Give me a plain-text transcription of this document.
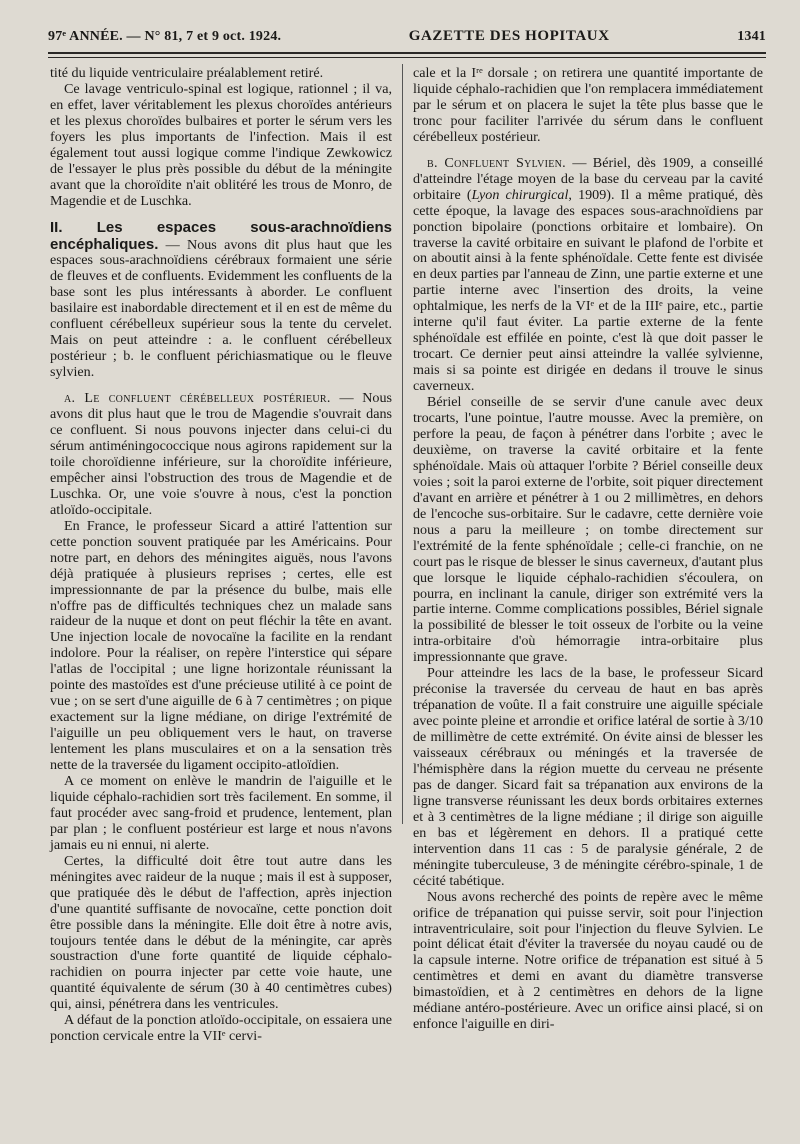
97ᵉ ANNÉE. — N° 81, 7 et 9 oct. 1924.	GAZETTE DES HOPITAUX	1341

tité du liquide ventriculaire préalablement retiré.

Ce lavage ventriculo-spinal est logique, rationnel ; il va, en effet, laver véritablement les plexus choroïdes antérieurs et les plexus choroïdes bulbaires et porter le sérum vers les foyers les plus importants de l'infection. Mais il est également tout aussi logique comme l'indique Zewkowicz de l'essayer le plus près possible du début de la méningite avant que la choroïdite n'ait oblitéré les trous de Monro, de Magendie et de Luschka.

II. Les espaces sous-arachnoïdiens encéphaliques. — Nous avons dit plus haut que les espaces sous-arachnoïdiens cérébraux formaient une série de fleuves et de confluents. Evidemment les confluents de la base sont les plus intéressants à aborder. Le confluent basilaire est inabordable directement et il en est de même du confluent cérébelleux supérieur sous la tente du cervelet. Mais on peut atteindre : a. le confluent cérébelleux postérieur ; b. le confluent périchiasmatique ou le fleuve sylvien.

a. Le confluent cérébelleux postérieur. — Nous avons dit plus haut que le trou de Magendie s'ouvrait dans ce confluent. Si nous pouvons injecter dans celui-ci du sérum antiméningococcique nous agirons rapidement sur la toile choroïdienne inférieure, sur la choroïdite inférieure, empêcher ainsi l'obstruction des trous de Magendie et de Luschka. Or, une voie s'ouvre à nous, c'est la ponction atloïdo-occipitale.

En France, le professeur Sicard a attiré l'attention sur cette ponction souvent pratiquée par les Américains. Pour notre part, en dehors des méningites aiguës, nous l'avons déjà pratiquée à plusieurs reprises ; certes, elle est impressionnante de par la présence du bulbe, mais elle n'offre pas de difficultés techniques chez un malade sans raideur de la nuque et dont on peut fléchir la tête en avant. Une injection locale de novocaïne la facilite en la rendant indolore. Pour la réaliser, on repère l'interstice qui sépare l'atlas de l'occipital ; une ligne horizontale réunissant la pointe des mastoïdes est d'une précieuse utilité à ce point de vue ; on se sert d'une aiguille de 6 à 7 centimètres ; on pique exactement sur la ligne médiane, on dirige l'extrémité de l'aiguille un peu obliquement vers le haut, on traverse lentement les plans musculaires et on a la sensation très nette de la traversée du ligament occipito-atloïdien.

A ce moment on enlève le mandrin de l'aiguille et le liquide céphalo-rachidien sort très facilement. En somme, il faut procéder avec sang-froid et prudence, lentement, plan par plan ; le confluent postérieur est large et nous n'avons jamais eu ni ennui, ni alerte.

Certes, la difficulté doit être tout autre dans les méningites avec raideur de la nuque ; mais il est à supposer, que pratiquée dès le début de l'affection, après injection d'une quantité suffisante de novocaïne, cette ponction doit être possible dans la méningite. Elle doit être à notre avis, toujours tentée dans le début de la méningite, car après soustraction d'une forte quantité de liquide céphalo-rachidien on pourra injecter par cette voie haute, une quantité équivalente de sérum (30 à 40 centimètres cubes) qui, ainsi, pénétrera dans les ventricules.

A défaut de la ponction atloïdo-occipitale, on essaiera une ponction cervicale entre la VIIᵉ cervi-

cale et la Iʳᵉ dorsale ; on retirera une quantité importante de liquide céphalo-rachidien que l'on remplacera immédiatement par le sérum et on placera le sujet la tête plus basse que le tronc pour faciliter l'arrivée du sérum dans le confluent cérébelleux postérieur.

b. Confluent Sylvien. — Bériel, dès 1909, a conseillé d'atteindre l'étage moyen de la base du cerveau par la cavité orbitaire (Lyon chirurgical, 1909). Il a même pratiqué, dès cette époque, la lavage des espaces sous-arachnoïdiens par ponction bipolaire (ponctions orbitaire et lombaire). On traverse la cavité orbitaire en suivant le plafond de l'orbite et on aboutit ainsi à la fente sphénoïdale. Cette fente est divisée en deux parties par l'anneau de Zinn, une partie externe et une partie interne avec l'insertion des droits, la veine ophtalmique, les nerfs de la VIᵉ et de la IIIᵉ paire, etc., partie interne qu'il faut éviter. La partie externe de la fente sphénoïdale est effilée en pointe, c'est là que doit passer le trocart. Ce dernier peut ainsi atteindre la vallée sylvienne, mais si sa pointe est dirigée en dedans il trouve le sinus caverneux.

Bériel conseille de se servir d'une canule avec deux trocarts, l'une pointue, l'autre mousse. Avec la première, on perfore la peau, de façon à pénétrer dans l'orbite ; avec le deuxième, on traverse la cavité orbitaire et la fente sphénoïdale. Mais où attaquer l'orbite ? Bériel conseille deux voies ; soit la paroi externe de l'orbite, soit piquer directement d'avant en arrière et pénétrer à 1 ou 2 millimètres, en dehors de l'encoche sus-orbitaire. Sur le cadavre, cette dernière voie nous a paru la meilleure ; on tombe directement sur l'extrémité de la fente sphénoïdale ; celle-ci franchie, on ne court pas le risque de blesser le sinus caverneux, d'autant plus que lorsque le liquide céphalo-rachidien s'écoulera, on pourra, en inclinant la canule, diriger son extrémité vers la partie interne. Comme complications possibles, Bériel signale la possibilité de blesser le toit osseux de l'orbite ou la veine intra-orbitaire d'où hémorragie intra-orbitaire plus impressionnante que grave.

Pour atteindre les lacs de la base, le professeur Sicard préconise la traversée du cerveau de haut en bas après trépanation de voûte. Il a fait construire une aiguille spéciale avec pointe pleine et arrondie et orifice latéral de sortie à 3/10 de millimètre de cette extrémité. On évite ainsi de blesser les vaisseaux cérébraux ou méningés et la traversée de l'hémisphère dans la région muette du cerveau ne présente pas de danger. Sicard fait sa trépanation aux environs de la ligne transverse réunissant les deux bords orbitaires externes et à 3 centimètres de la ligne médiane ; il dirige son aiguille en bas et légèrement en dehors. Il a pratiqué cette intervention dans 11 cas : 5 de paralysie générale, 2 de méningite tuberculeuse, 3 de méningite cérébro-spinale, 1 de cécité tabétique.

Nous avons recherché des points de repère avec le même orifice de trépanation qui puisse servir, soit pour l'injection intraventriculaire, soit pour l'injection du fleuve Sylvien. Le point délicat était d'éviter la traversée du noyau caudé ou de la capsule interne. Notre orifice de trépanation est situé à 5 centimètres et demi en avant du diamètre transverse bimastoïdien, et à 2 centimètres en dehors de la ligne médiane antéro-postérieure. Avec un orifice ainsi placé, si on enfonce l'aiguille en diri-
